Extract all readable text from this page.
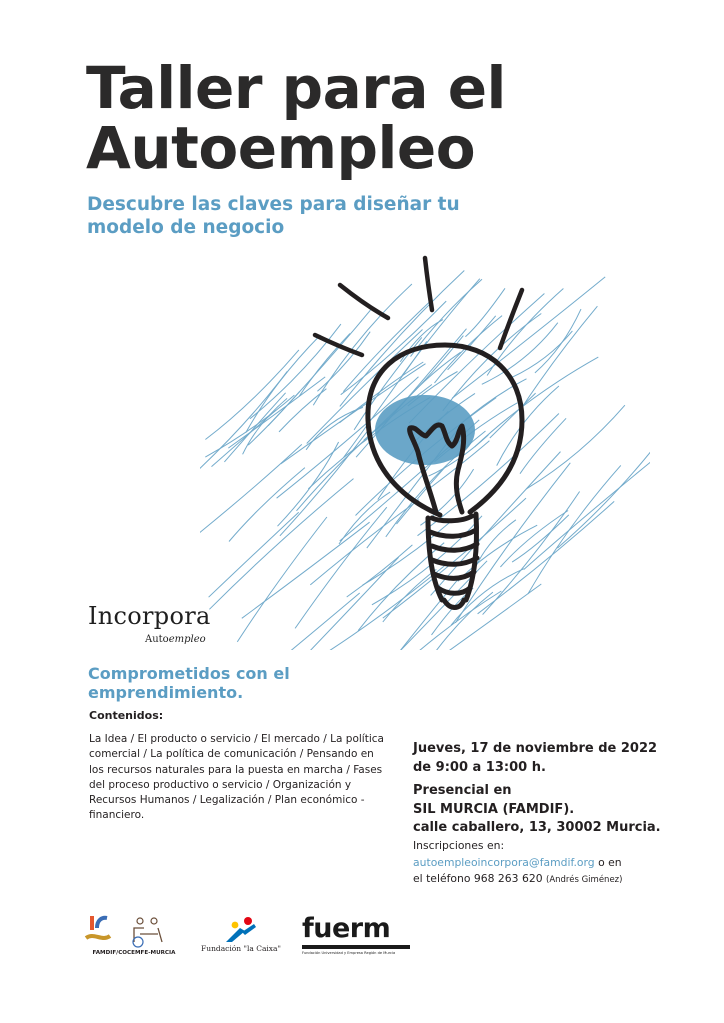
Taller para el Autoempleo
Descubre las claves para diseñar tu modelo de negocio
Incorpora
Autoempleo
Comprometidos con el emprendimiento.
Contenidos:

La Idea / El producto o servicio / El mercado / La política comercial / La política de comunicación / Pensando en los recursos naturales para la puesta en marcha / Fases del proceso productivo o servicio / Organización y Recursos Humanos / Legalización / Plan económico - financiero.

Jueves, 17 de noviembre de 2022

de 9:00 a 13:00 h.

Presencial en

SIL MURCIA (FAMDIF).

calle caballero, 13, 30002 Murcia.

Inscripciones en:

autoempleoincorpora@famdif.org o en

el teléfono 968 263 620 (Andrés Giménez)

FAMDIF/COCEMFE-MURCIA	Fundación "la Caixa"
fuerm
Fundación Universidad y Empresa Región de Murcia
